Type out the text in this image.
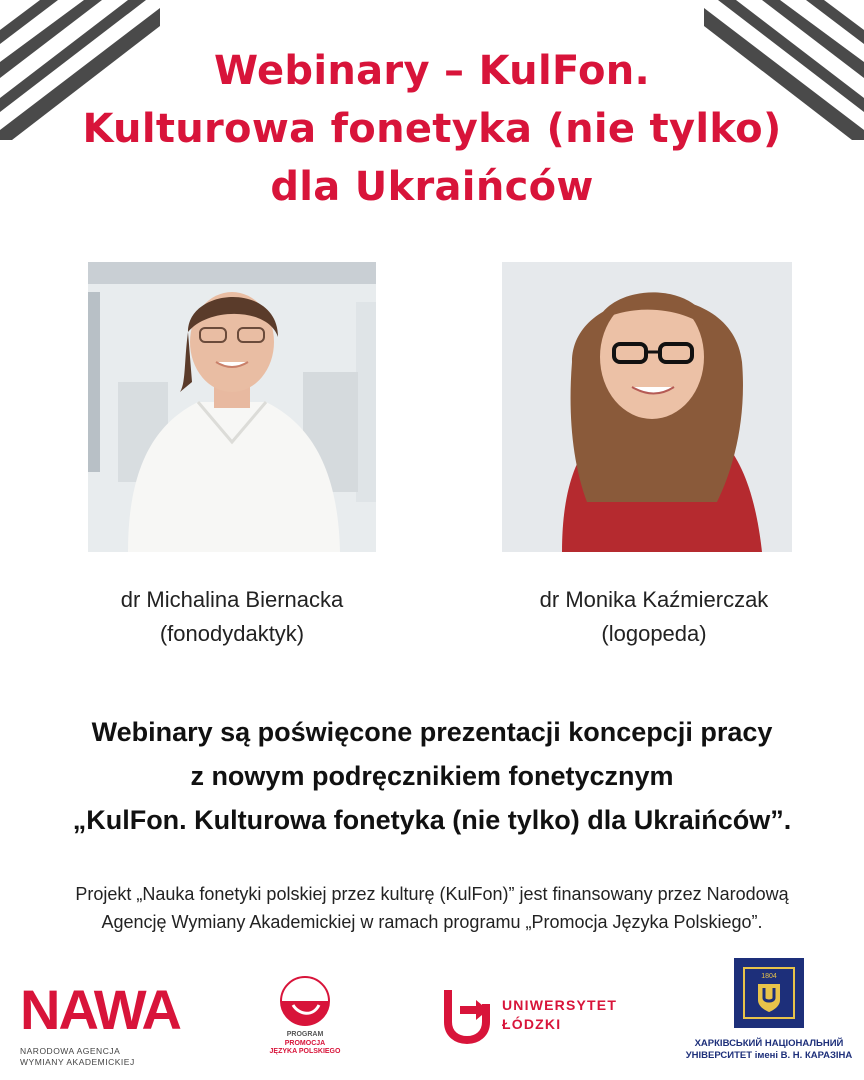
Webinary – KulFon.
Kulturowa fonetyka (nie tylko)
dla Ukraińców
dr Michalina Biernacka
(fonodydaktyk)
dr Monika Kaźmierczak
(logopeda)
Webinary są poświęcone prezentacji koncepcji pracy
z nowym podręcznikiem fonetycznym
„KulFon. Kulturowa fonetyka (nie tylko) dla Ukraińców”.
Projekt „Nauka fonetyki polskiej przez kulturę (KulFon)” jest finansowany przez Narodową
Agencję Wymiany Akademickiej w ramach programu „Promocja Języka Polskiego”.
NAWA
NARODOWA AGENCJA
WYMIANY AKADEMICKIEJ
PROGRAM
PROMOCJA
JĘZYKA POLSKIEGO
UNIWERSYTET
ŁÓDZKI
1804
ХАРКІВСЬКИЙ НАЦІОНАЛЬНИЙ
УНІВЕРСИТЕТ імені В. Н. КАРАЗІНА
